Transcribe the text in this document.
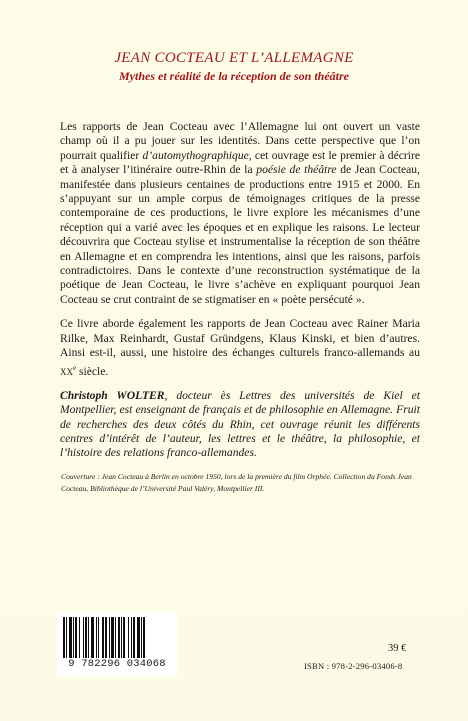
JEAN COCTEAU ET L’ALLEMAGNE
Mythes et réalité de la réception de son théâtre

Les rapports de Jean Cocteau avec l’Allemagne lui ont ouvert un vaste champ où il a pu jouer sur les identités. Dans cette perspective que l’on pourrait qualifier d’automythographique, cet ouvrage est le premier à décrire et à analyser l’itinéraire outre-Rhin de la poésie de théâtre de Jean Cocteau, manifestée dans plusieurs centaines de productions entre 1915 et 2000. En s’appuyant sur un ample corpus de témoignages critiques de la presse contemporaine de ces productions, le livre explore les mécanismes d’une réception qui a varié avec les époques et en explique les raisons. Le lecteur découvrira que Cocteau stylise et instrumentalise la réception de son théâtre en Allemagne et en comprendra les intentions, ainsi que les raisons, parfois contradictoires. Dans le contexte d’une reconstruction systématique de la poétique de Jean Cocteau, le livre s’achève en expliquant pourquoi Jean Cocteau se crut contraint de se stigmatiser en « poète persécuté ».

Ce livre aborde également les rapports de Jean Cocteau avec Rainer Maria Rilke, Max Reinhardt, Gustaf Gründgens, Klaus Kinski, et bien d’autres. Ainsi est-il, aussi, une histoire des échanges culturels franco-allemands au XXe siècle.

Christoph WOLTER, docteur ès Lettres des universités de Kiel et Montpellier, est enseignant de français et de philosophie en Allemagne. Fruit de recherches des deux côtés du Rhin, cet ouvrage réunit les différents centres d’intérêt de l’auteur, les lettres et le théâtre, la philosophie, et l’histoire des relations franco-allemandes.

Couverture : Jean Cocteau à Berlin en octobre 1950, lors de la première du film Orphée. Collection du Fonds Jean Cocteau, Bibliothèque de l’Université Paul Valéry, Montpellier III.
9 782296 034068
39 €
ISBN : 978-2-296-03406-8
